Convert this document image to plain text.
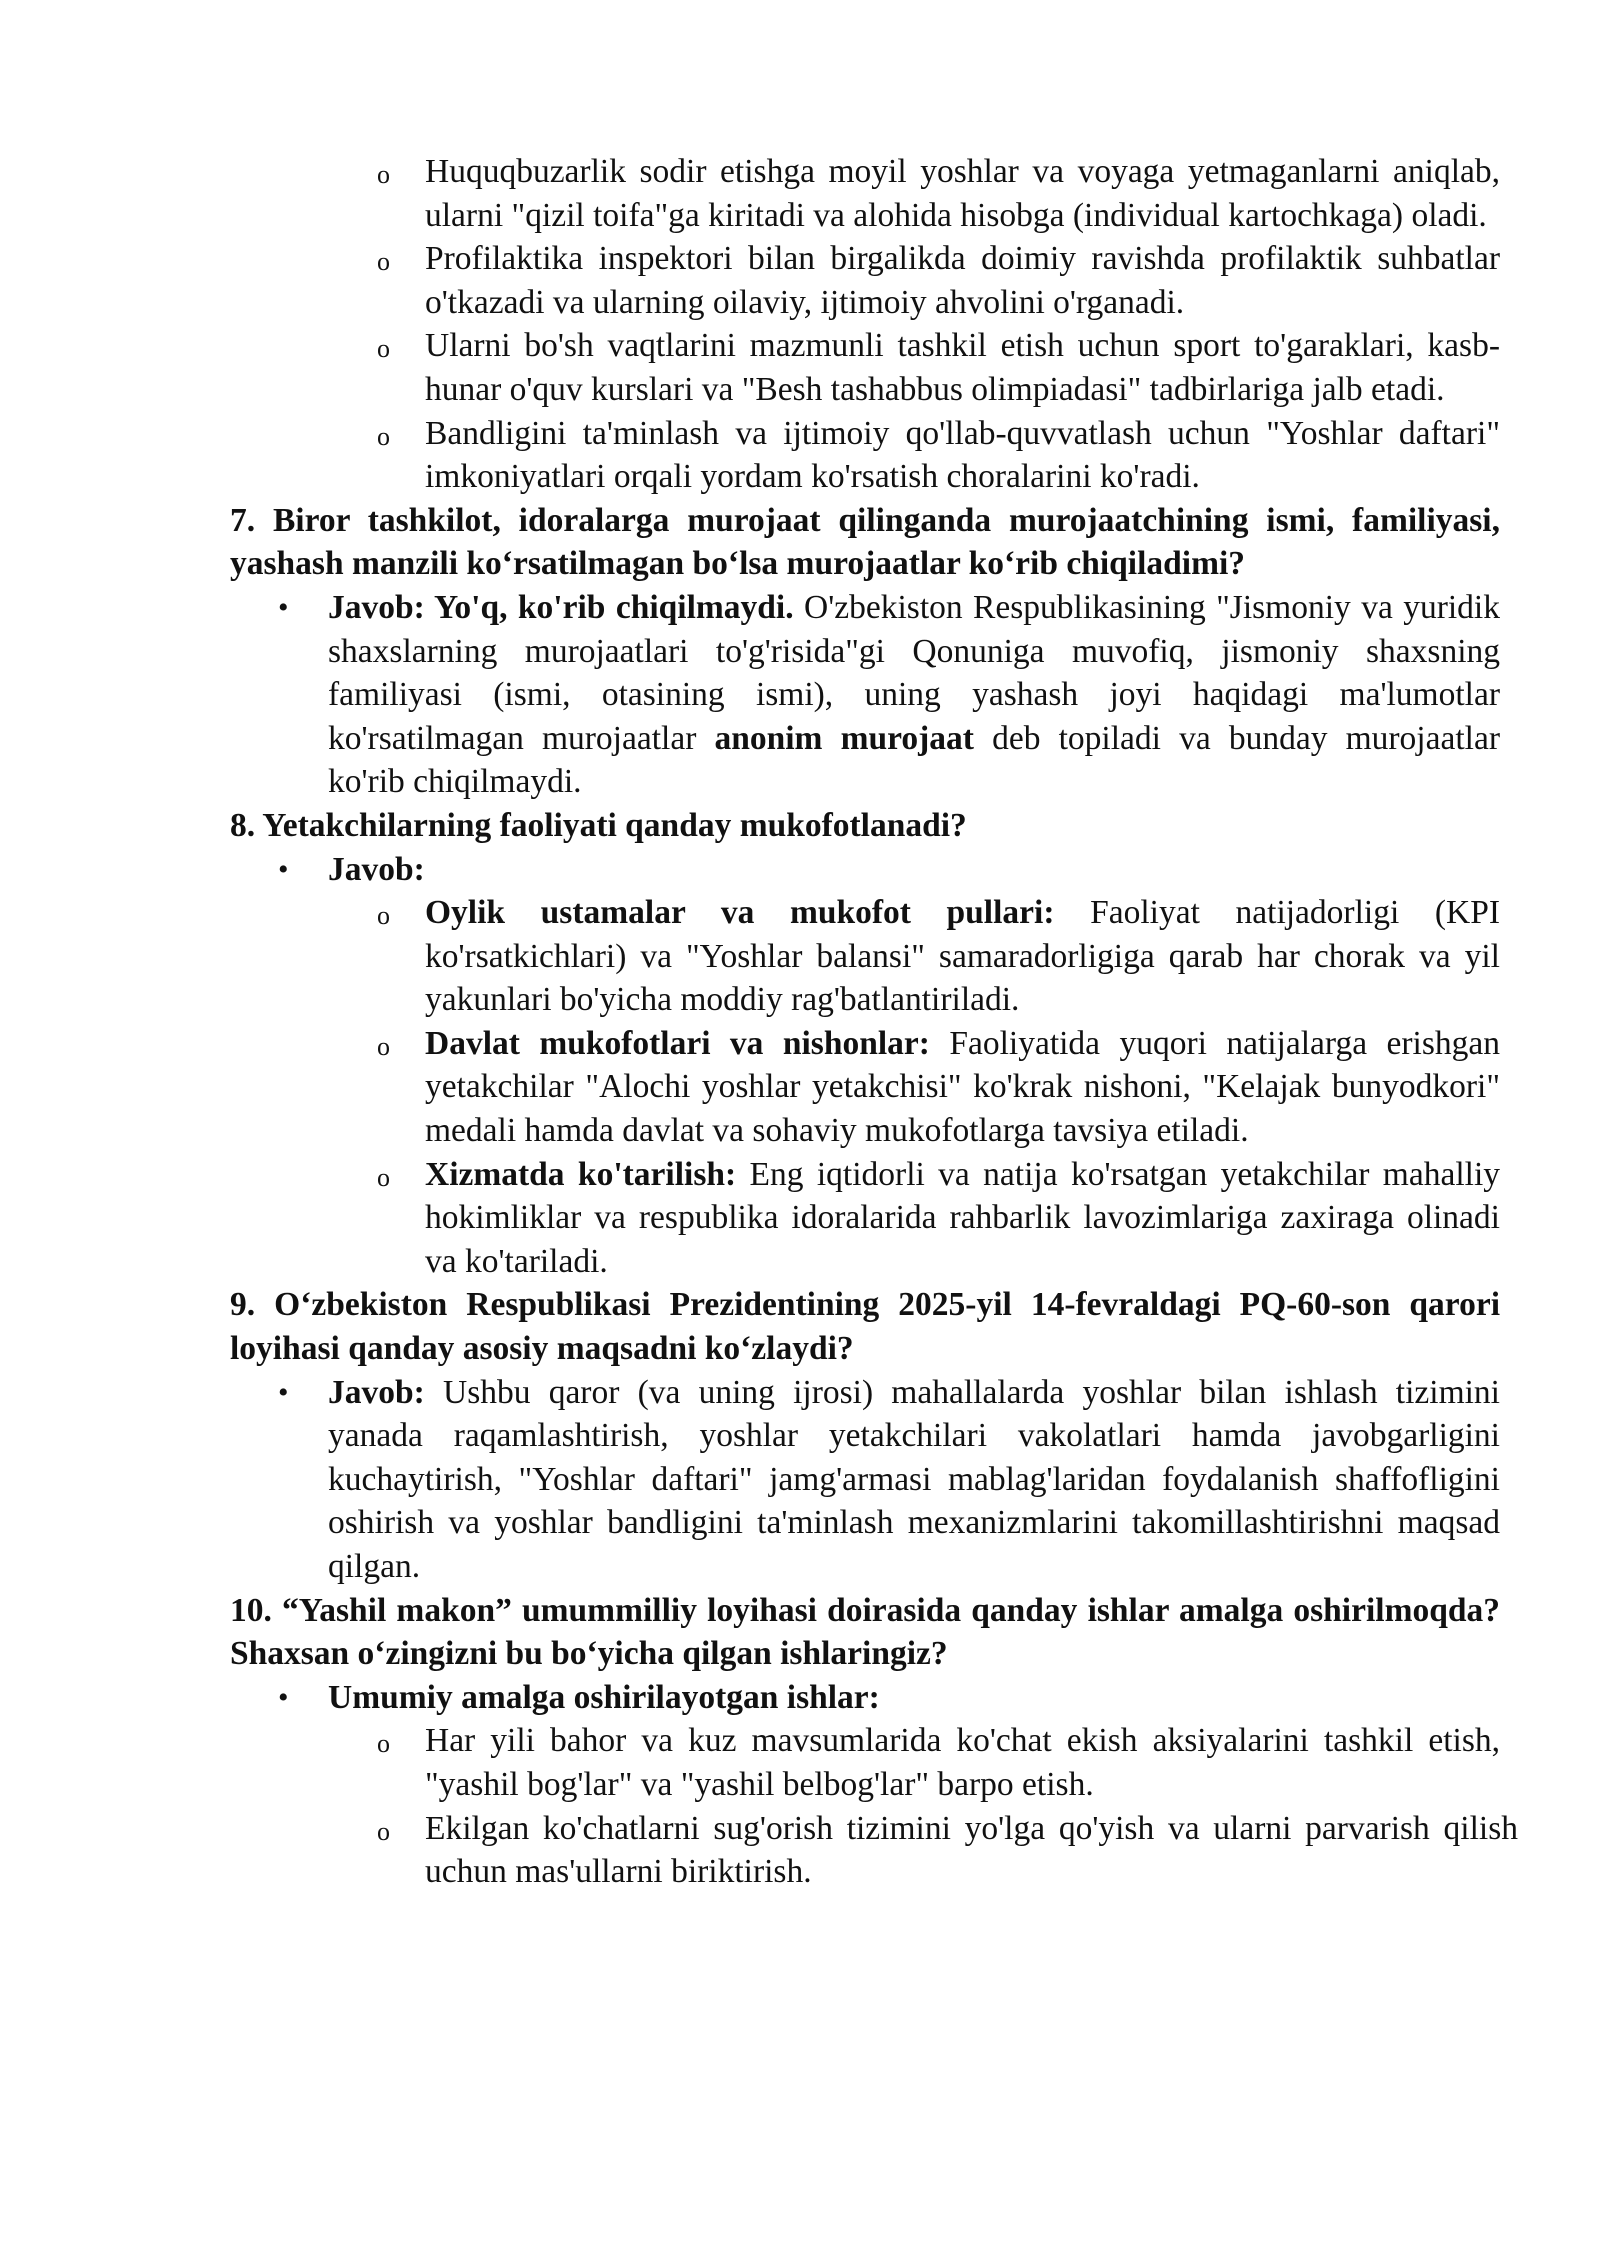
o Huquqbuzarlik sodir etishga moyil yoshlar va voyaga yetmaganlarni aniqlab, ularni "qizil toifa"ga kiritadi va alohida hisobga (individual kartochkaga) oladi.

o Profilaktika inspektori bilan birgalikda doimiy ravishda profilaktik suhbatlar o'tkazadi va ularning oilaviy, ijtimoiy ahvolini o'rganadi.

o Ularni bo'sh vaqtlarini mazmunli tashkil etish uchun sport to'garaklari, kasb-hunar o'quv kurslari va "Besh tashabbus olimpiadasi" tadbirlariga jalb etadi.

o Bandligini ta'minlash va ijtimoiy qo'llab-quvvatlash uchun "Yoshlar daftari" imkoniyatlari orqali yordam ko'rsatish choralarini ko'radi.

7. Biror tashkilot, idoralarga murojaat qilinganda murojaatchining ismi, familiyasi, yashash manzili koʻrsatilmagan boʻlsa murojaatlar koʻrib chiqiladimi?

• Javob: Yo'q, ko'rib chiqilmaydi. O'zbekiston Respublikasining "Jismoniy va yuridik shaxslarning murojaatlari to'g'risida"gi Qonuniga muvofiq, jismoniy shaxsning familiyasi (ismi, otasining ismi), uning yashash joyi haqidagi ma'lumotlar ko'rsatilmagan murojaatlar anonim murojaat deb topiladi va bunday murojaatlar ko'rib chiqilmaydi.

8. Yetakchilarning faoliyati qanday mukofotlanadi?

• Javob:

o Oylik ustamalar va mukofot pullari: Faoliyat natijadorligi (KPI ko'rsatkichlari) va "Yoshlar balansi" samaradorligiga qarab har chorak va yil yakunlari bo'yicha moddiy rag'batlantiriladi.

o Davlat mukofotlari va nishonlar: Faoliyatida yuqori natijalarga erishgan yetakchilar "Alochi yoshlar yetakchisi" ko'krak nishoni, "Kelajak bunyodkori" medali hamda davlat va sohaviy mukofotlarga tavsiya etiladi.

o Xizmatda ko'tarilish: Eng iqtidorli va natija ko'rsatgan yetakchilar mahalliy hokimliklar va respublika idoralarida rahbarlik lavozimlariga zaxiraga olinadi va ko'tariladi.

9. Oʻzbekiston Respublikasi Prezidentining 2025-yil 14-fevraldagi PQ-60-son qarori loyihasi qanday asosiy maqsadni koʻzlaydi?

• Javob: Ushbu qaror (va uning ijrosi) mahallalarda yoshlar bilan ishlash tizimini yanada raqamlashtirish, yoshlar yetakchilari vakolatlari hamda javobgarligini kuchaytirish, "Yoshlar daftari" jamg'armasi mablag'laridan foydalanish shaffofligini oshirish va yoshlar bandligini ta'minlash mexanizmlarini takomillashtirishni maqsad qilgan.

10. “Yashil makon” umummilliy loyihasi doirasida qanday ishlar amalga oshirilmoqda? Shaxsan oʻzingizni bu boʻyicha qilgan ishlaringiz?

• Umumiy amalga oshirilayotgan ishlar:

o Har yili bahor va kuz mavsumlarida ko'chat ekish aksiyalarini tashkil etish, "yashil bog'lar" va "yashil belbog'lar" barpo etish.

o Ekilgan ko'chatlarni sug'orish tizimini yo'lga qo'yish va ularni parvarish qilish uchun mas'ullarni biriktirish.
